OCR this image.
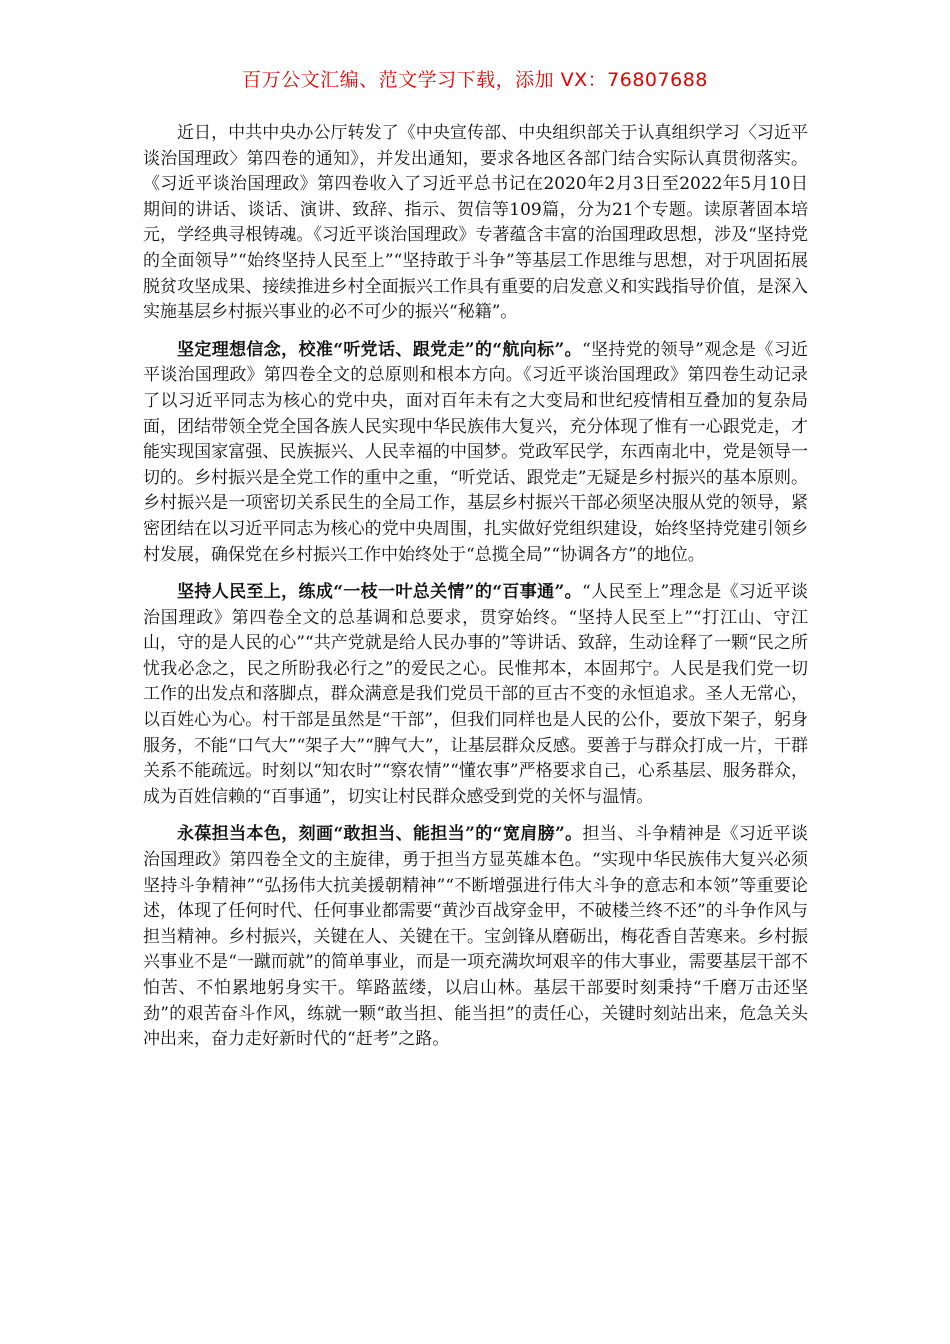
百万公文汇编、范文学习下载，添加 VX：76807688

近日，中共中央办公厅转发了《中央宣传部、中央组织部关于认真组织学习〈习近平谈治国理政〉第四卷的通知》，并发出通知，要求各地区各部门结合实际认真贯彻落实。《习近平谈治国理政》第四卷收入了习近平总书记在2020年2月3日至2022年5月10日期间的讲话、谈话、演讲、致辞、指示、贺信等109篇，分为21个专题。读原著固本培元，学经典寻根铸魂。《习近平谈治国理政》专著蕴含丰富的治国理政思想，涉及“坚持党的全面领导”“始终坚持人民至上”“坚持敢于斗争”等基层工作思维与思想，对于巩固拓展脱贫攻坚成果、接续推进乡村全面振兴工作具有重要的启发意义和实践指导价值，是深入实施基层乡村振兴事业的必不可少的振兴“秘籍”。

坚定理想信念，校准“听党话、跟党走”的“航向标”。“坚持党的领导”观念是《习近平谈治国理政》第四卷全文的总原则和根本方向。《习近平谈治国理政》第四卷生动记录了以习近平同志为核心的党中央，面对百年未有之大变局和世纪疫情相互叠加的复杂局面，团结带领全党全国各族人民实现中华民族伟大复兴，充分体现了惟有一心跟党走，才能实现国家富强、民族振兴、人民幸福的中国梦。党政军民学，东西南北中，党是领导一切的。乡村振兴是全党工作的重中之重，“听党话、跟党走”无疑是乡村振兴的基本原则。乡村振兴是一项密切关系民生的全局工作，基层乡村振兴干部必须坚决服从党的领导，紧密团结在以习近平同志为核心的党中央周围，扎实做好党组织建设，始终坚持党建引领乡村发展，确保党在乡村振兴工作中始终处于“总揽全局”“协调各方”的地位。

坚持人民至上，练成“一枝一叶总关情”的“百事通”。“人民至上”理念是《习近平谈治国理政》第四卷全文的总基调和总要求，贯穿始终。“坚持人民至上”“打江山、守江山，守的是人民的心”“共产党就是给人民办事的”等讲话、致辞，生动诠释了一颗“民之所忧我必念之，民之所盼我必行之”的爱民之心。民惟邦本，本固邦宁。人民是我们党一切工作的出发点和落脚点，群众满意是我们党员干部的亘古不变的永恒追求。圣人无常心，以百姓心为心。村干部是虽然是“干部”，但我们同样也是人民的公仆，要放下架子，躬身服务，不能“口气大”“架子大”“脾气大”，让基层群众反感。要善于与群众打成一片，干群关系不能疏远。时刻以“知农时”“察农情”“懂农事”严格要求自己，心系基层、服务群众，成为百姓信赖的“百事通”，切实让村民群众感受到党的关怀与温情。

永葆担当本色，刻画“敢担当、能担当”的“宽肩膀”。担当、斗争精神是《习近平谈治国理政》第四卷全文的主旋律，勇于担当方显英雄本色。“实现中华民族伟大复兴必须坚持斗争精神”“弘扬伟大抗美援朝精神”“不断增强进行伟大斗争的意志和本领”等重要论述，体现了任何时代、任何事业都需要“黄沙百战穿金甲，不破楼兰终不还”的斗争作风与担当精神。乡村振兴，关键在人、关键在干。宝剑锋从磨砺出，梅花香自苦寒来。乡村振兴事业不是“一蹴而就”的简单事业，而是一项充满坎坷艰辛的伟大事业，需要基层干部不怕苦、不怕累地躬身实干。筚路蓝缕，以启山林。基层干部要时刻秉持“千磨万击还坚劲”的艰苦奋斗作风，练就一颗“敢当担、能当担”的责任心，关键时刻站出来，危急关头冲出来，奋力走好新时代的“赶考”之路。
